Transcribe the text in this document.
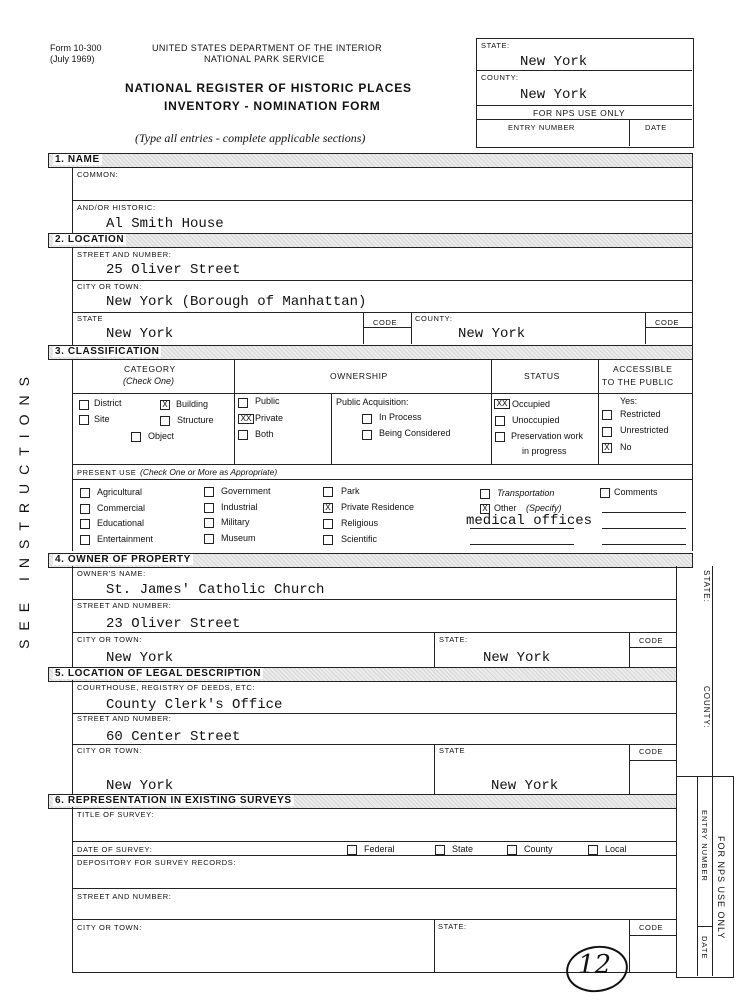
Form 10-300
(July 1969)
UNITED STATES DEPARTMENT OF THE INTERIOR
NATIONAL PARK SERVICE
NATIONAL REGISTER OF HISTORIC PLACES
INVENTORY - NOMINATION FORM
(Type all entries - complete applicable sections)
STATE:
New York
COUNTY:
New York
FOR NPS USE ONLY
ENTRY NUMBER	DATE
SEE INSTRUCTIONS
1. NAME
COMMON:
AND/OR HISTORIC:
Al Smith House
2. LOCATION
STREET AND NUMBER:
25 Oliver Street
CITY OR TOWN:
New York (Borough of Manhattan)
STATE
New York
CODE COUNTY:
New York
CODE
3. CLASSIFICATION
CATEGORY
(Check One)	OWNERSHIP	STATUS
ACCESSIBLE
TO THE PUBLIC
District	X Building
Site	Structure
Object
Public
XX Private
Both
Public Acquisition:
In Process
Being Considered
XX Occupied
Unoccupied
Preservation work
in progress
Yes:
Restricted
Unrestricted
X No
PRESENT USE (Check One or More as Appropriate)
Agricultural
Commercial
Educational
Entertainment
Government
Industrial
Military
Museum
Park
X Private Residence
Religious
Scientific
Transportation
X Other (Specify)
medical offices
Comments
4. OWNER OF PROPERTY
OWNER'S NAME:
St. James' Catholic Church
STREET AND NUMBER:
23 Oliver Street
CITY OR TOWN:
New York
STATE:
New York
CODE
STATE:
5. LOCATION OF LEGAL DESCRIPTION
COURTHOUSE, REGISTRY OF DEEDS, ETC:
County Clerk's Office
STREET AND NUMBER:
60 Center Street
CITY OR TOWN:
New York
STATE
New York
CODE
COUNTY:
6. REPRESENTATION IN EXISTING SURVEYS
ENTRY NUMBER
DATE
FOR NPS USE ONLY
TITLE OF SURVEY:
DATE OF SURVEY:	Federal	State	County	Local
DEPOSITORY FOR SURVEY RECORDS:
STREET AND NUMBER:
CITY OR TOWN:	STATE:	CODE
12
